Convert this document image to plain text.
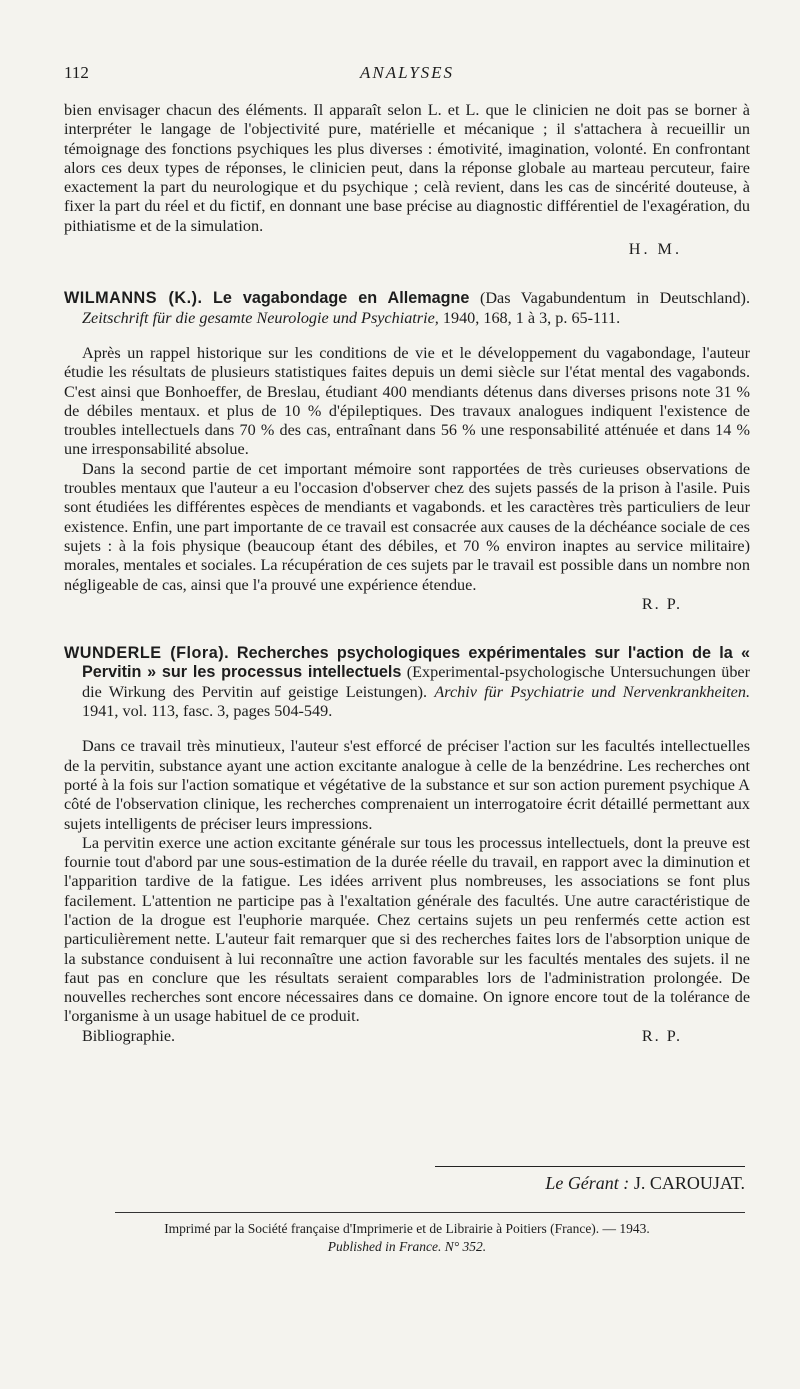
112	ANALYSES

bien envisager chacun des éléments. Il apparaît selon L. et L. que le clinicien ne doit pas se borner à interpréter le langage de l'objectivité pure, matérielle et mécanique ; il s'attachera à recueillir un témoignage des fonctions psychiques les plus diverses : émotivité, imagination, volonté. En confrontant alors ces deux types de réponses, le clinicien peut, dans la réponse globale au marteau percuteur, faire exactement la part du neurologique et du psychique ; celà revient, dans les cas de sincérité douteuse, à fixer la part du réel et du fictif, en donnant une base précise au diagnostic différentiel de l'exagération, du pithiatisme et de la simulation.

H. M.
WILMANNS (K.). Le vagabondage en Allemagne (Das Vagabundentum in Deutschland). Zeitschrift für die gesamte Neurologie und Psychiatrie, 1940, 168, 1 à 3, p. 65-111.

Après un rappel historique sur les conditions de vie et le développement du vagabondage, l'auteur étudie les résultats de plusieurs statistiques faites depuis un demi siècle sur l'état mental des vagabonds. C'est ainsi que Bonhoeffer, de Breslau, étudiant 400 mendiants détenus dans diverses prisons note 31 % de débiles mentaux. et plus de 10 % d'épileptiques. Des travaux analogues indiquent l'existence de troubles intellectuels dans 70 % des cas, entraînant dans 56 % une responsabilité atténuée et dans 14 % une irresponsabilité absolue.

Dans la second partie de cet important mémoire sont rapportées de très curieuses observations de troubles mentaux que l'auteur a eu l'occasion d'observer chez des sujets passés de la prison à l'asile. Puis sont étudiées les différentes espèces de mendiants et vagabonds. et les caractères très particuliers de leur existence. Enfin, une part importante de ce travail est consacrée aux causes de la déchéance sociale de ces sujets : à la fois physique (beaucoup étant des débiles, et 70 % environ inaptes au service militaire) morales, mentales et sociales. La récupération de ces sujets par le travail est possible dans un nombre non négligeable de cas, ainsi que l'a prouvé une expérience étendue.

R. P.
WUNDERLE (Flora). Recherches psychologiques expérimentales sur l'action de la « Pervitin » sur les processus intellectuels (Experimental-psychologische Untersuchungen über die Wirkung des Pervitin auf geistige Leistungen). Archiv für Psychiatrie und Nervenkrankheiten. 1941, vol. 113, fasc. 3, pages 504-549.

Dans ce travail très minutieux, l'auteur s'est efforcé de préciser l'action sur les facultés intellectuelles de la pervitin, substance ayant une action excitante analogue à celle de la benzédrine. Les recherches ont porté à la fois sur l'action somatique et végétative de la substance et sur son action purement psychique A côté de l'observation clinique, les recherches comprenaient un interrogatoire écrit détaillé permettant aux sujets intelligents de préciser leurs impressions.

La pervitin exerce une action excitante générale sur tous les processus intellectuels, dont la preuve est fournie tout d'abord par une sous-estimation de la durée réelle du travail, en rapport avec la diminution et l'apparition tardive de la fatigue. Les idées arrivent plus nombreuses, les associations se font plus facilement. L'attention ne participe pas à l'exaltation générale des facultés. Une autre caractéristique de l'action de la drogue est l'euphorie marquée. Chez certains sujets un peu renfermés cette action est particulièrement nette. L'auteur fait remarquer que si des recherches faites lors de l'absorption unique de la substance conduisent à lui reconnaître une action favorable sur les facultés mentales des sujets. il ne faut pas en conclure que les résultats seraient comparables lors de l'administration prolongée. De nouvelles recherches sont encore nécessaires dans ce domaine. On ignore encore tout de la tolérance de l'organisme à un usage habituel de ce produit.

Bibliographie.	R. P.
Le Gérant : J. CAROUJAT.
Imprimé par la Société française d'Imprimerie et de Librairie à Poitiers (France). — 1943.
Published in France. N° 352.
